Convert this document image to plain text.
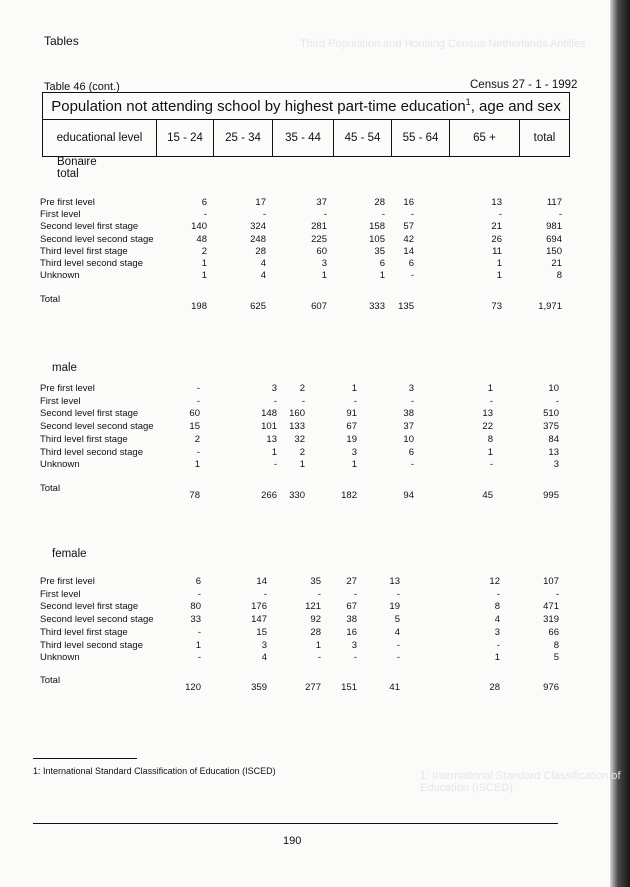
Third Population and Housing Census Netherlands Antilles
1: International Standard Classification of Education (ISCED)
Tables
Table 46 (cont.)	Census 27 - 1 - 1992
Population not attending school by highest part-time education$^1$, age and sex
educational level	15 - 24	25 - 34	35 - 44	45 - 54	55 - 64	65 +	total
Bonaire
total
Pre first level	6	17	37	28	16	13	117
First level	-	-	-	-	-	-	-
Second level first stage	140	324	281	158	57	21	981
Second level second stage	48	248	225	105	42	26	694
Third level first stage	2	28	60	35	14	11	150
Third level second stage	1	4	3	6	6	1	21
Unknown	1	4	1	1	-	1	8
Total
198	625	607	333	135	73	1,971
male
Pre first level	-	3	2	1	3	1	10
First level	-	-	-	-	-	-	-
Second level first stage	60	148	160	91	38	13	510
Second level second stage	15	101	133	67	37	22	375
Third level first stage	2	13	32	19	10	8	84
Third level second stage	-	1	2	3	6	1	13
Unknown	1	-	1	1	-	-	3
Total
78	266	330	182	94	45	995
female
Pre first level	6	14	35	27	13	12	107
First level	-	-	-	-	-	-	-
Second level first stage	80	176	121	67	19	8	471
Second level second stage	33	147	92	38	5	4	319
Third level first stage	-	15	28	16	4	3	66
Third level second stage	1	3	1	3	-	-	8
Unknown	-	4	-	-	-	1	5
Total
120	359	277	151	41	28	976
1: International Standard Classification of Education (ISCED)
190
